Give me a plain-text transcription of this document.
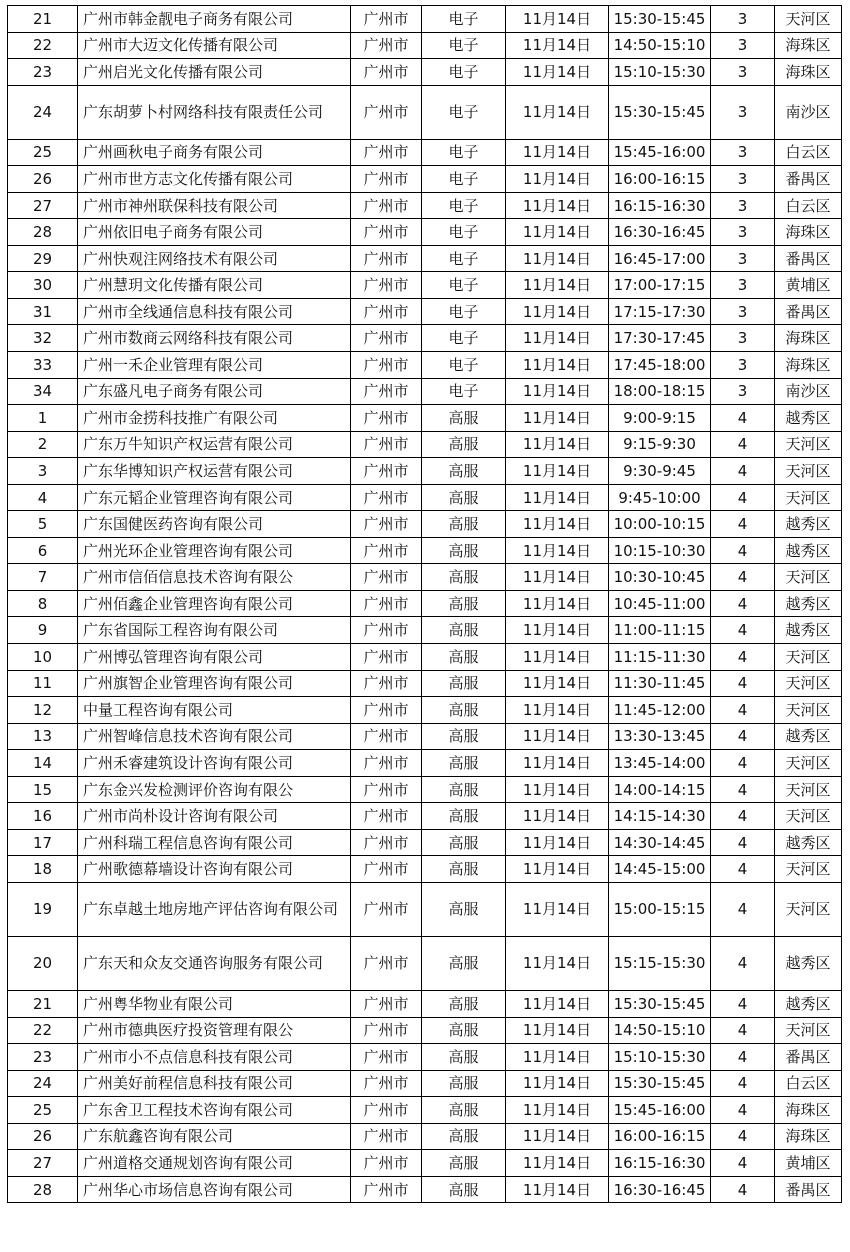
21	广州市韩金靓电子商务有限公司	广州市	电子	11月14日	15:30-15:45	3	天河区
22	广州市大迈文化传播有限公司	广州市	电子	11月14日	14:50-15:10	3	海珠区
23	广州启光文化传播有限公司	广州市	电子	11月14日	15:10-15:30	3	海珠区
24	广东胡萝卜村网络科技有限责任公司	广州市	电子	11月14日	15:30-15:45	3	南沙区
25	广州画秋电子商务有限公司	广州市	电子	11月14日	15:45-16:00	3	白云区
26	广州市世方志文化传播有限公司	广州市	电子	11月14日	16:00-16:15	3	番禺区
27	广州市神州联保科技有限公司	广州市	电子	11月14日	16:15-16:30	3	白云区
28	广州依旧电子商务有限公司	广州市	电子	11月14日	16:30-16:45	3	海珠区
29	广州快观注网络技术有限公司	广州市	电子	11月14日	16:45-17:00	3	番禺区
30	广州慧玥文化传播有限公司	广州市	电子	11月14日	17:00-17:15	3	黄埔区
31	广州市全线通信息科技有限公司	广州市	电子	11月14日	17:15-17:30	3	番禺区
32	广州市数商云网络科技有限公司	广州市	电子	11月14日	17:30-17:45	3	海珠区
33	广州一禾企业管理有限公司	广州市	电子	11月14日	17:45-18:00	3	海珠区
34	广东盛凡电子商务有限公司	广州市	电子	11月14日	18:00-18:15	3	南沙区
1	广州市金捞科技推广有限公司	广州市	高服	11月14日	9:00-9:15	4	越秀区
2	广东万牛知识产权运营有限公司	广州市	高服	11月14日	9:15-9:30	4	天河区
3	广东华博知识产权运营有限公司	广州市	高服	11月14日	9:30-9:45	4	天河区
4	广东元韬企业管理咨询有限公司	广州市	高服	11月14日	9:45-10:00	4	天河区
5	广东国健医药咨询有限公司	广州市	高服	11月14日	10:00-10:15	4	越秀区
6	广州光环企业管理咨询有限公司	广州市	高服	11月14日	10:15-10:30	4	越秀区
7	广州市信佰信息技术咨询有限公	广州市	高服	11月14日	10:30-10:45	4	天河区
8	广州佰鑫企业管理咨询有限公司	广州市	高服	11月14日	10:45-11:00	4	越秀区
9	广东省国际工程咨询有限公司	广州市	高服	11月14日	11:00-11:15	4	越秀区
10	广州博弘管理咨询有限公司	广州市	高服	11月14日	11:15-11:30	4	天河区
11	广州旗智企业管理咨询有限公司	广州市	高服	11月14日	11:30-11:45	4	天河区
12	中量工程咨询有限公司	广州市	高服	11月14日	11:45-12:00	4	天河区
13	广州智峰信息技术咨询有限公司	广州市	高服	11月14日	13:30-13:45	4	越秀区
14	广州禾睿建筑设计咨询有限公司	广州市	高服	11月14日	13:45-14:00	4	天河区
15	广东金兴发检测评价咨询有限公	广州市	高服	11月14日	14:00-14:15	4	天河区
16	广州市尚朴设计咨询有限公司	广州市	高服	11月14日	14:15-14:30	4	天河区
17	广州科瑞工程信息咨询有限公司	广州市	高服	11月14日	14:30-14:45	4	越秀区
18	广州歌德幕墙设计咨询有限公司	广州市	高服	11月14日	14:45-15:00	4	天河区
19	广东卓越土地房地产评估咨询有限公司	广州市	高服	11月14日	15:00-15:15	4	天河区
20	广东天和众友交通咨询服务有限公司	广州市	高服	11月14日	15:15-15:30	4	越秀区
21	广州粤华物业有限公司	广州市	高服	11月14日	15:30-15:45	4	越秀区
22	广州市德典医疗投资管理有限公	广州市	高服	11月14日	14:50-15:10	4	天河区
23	广州市小不点信息科技有限公司	广州市	高服	11月14日	15:10-15:30	4	番禺区
24	广州美好前程信息科技有限公司	广州市	高服	11月14日	15:30-15:45	4	白云区
25	广东舍卫工程技术咨询有限公司	广州市	高服	11月14日	15:45-16:00	4	海珠区
26	广东航鑫咨询有限公司	广州市	高服	11月14日	16:00-16:15	4	海珠区
27	广州道格交通规划咨询有限公司	广州市	高服	11月14日	16:15-16:30	4	黄埔区
28	广州华心市场信息咨询有限公司	广州市	高服	11月14日	16:30-16:45	4	番禺区
